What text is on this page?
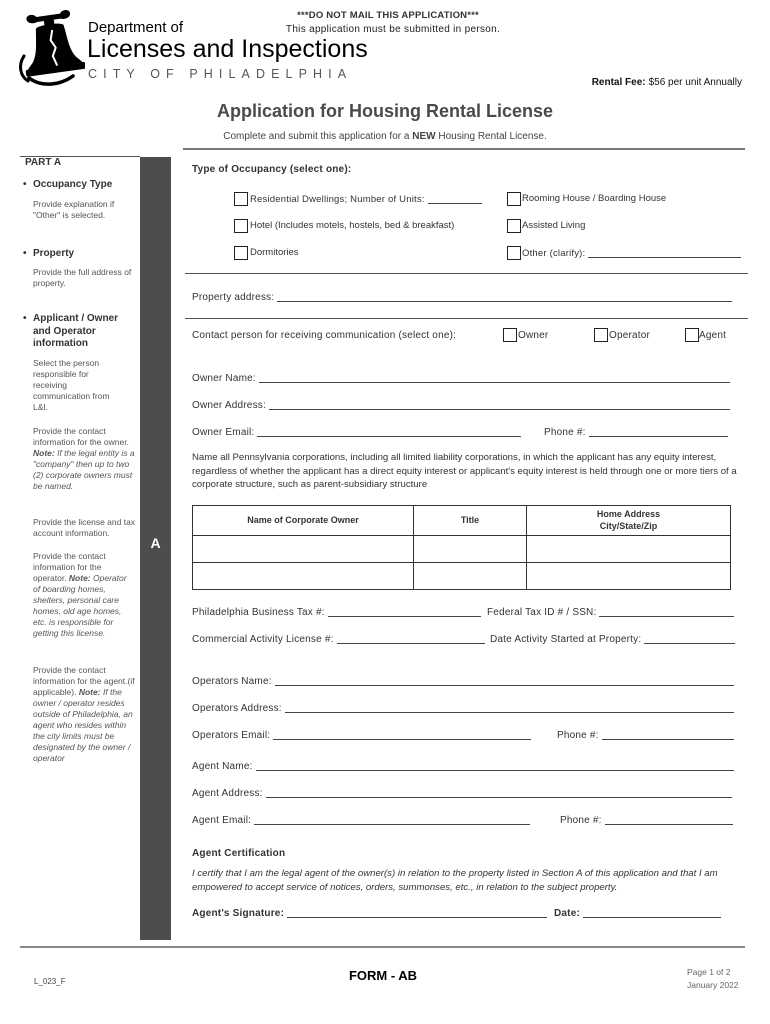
***DO NOT MAIL THIS APPLICATION***
This application must be submitted in person.
Department of
Licenses and Inspections
CITY OF PHILADELPHIA
Rental Fee: $56 per unit Annually
Application for Housing Rental License
Complete and submit this application for a NEW Housing Rental License.
PART A
• Occupancy Type
Provide explanation if "Other" is selected.
• Property
Provide the full address of property.
• Applicant / Owner and Operator information
Select the person responsible for receiving communication from L&I.
Provide the contact information for the owner. Note: If the legal entity is a "company" then up to two (2) corporate owners must be named.
Provide the license and tax account information.
Provide the contact information for the operator. Note: Operator of boarding homes, shelters, personal care homes, old age homes, etc. is responsible for getting this license.
Provide the contact information for the agent.(if applicable). Note: If the owner / operator resides outside of Philadelphia, an agent who resides within the city limits must be designated by the owner / operator
A
Type of Occupancy (select one):
Residential Dwellings; Number of Units:	Rooming House / Boarding House
Hotel (Includes motels, hostels, bed & breakfast)	Assisted Living
Dormitories	Other (clarify):
Property address:
Contact person for receiving communication (select one):	Owner	Operator	Agent
Owner Name:
Owner Address:
Owner Email:	Phone #:
Name all Pennsylvania corporations, including all limited liability corporations, in which the applicant has any equity interest, regardless of whether the applicant has a direct equity interest or applicant's equity interest is held through one or more tiers of a corporate structure, such as parent-subsidiary structure
Name of Corporate Owner	Title	Home Address
City/State/Zip

Philadelphia Business Tax #:	Federal Tax ID # / SSN:
Commercial Activity License #:	Date Activity Started at Property:
Operators Name:
Operators Address:
Operators Email:	Phone #:
Agent Name:
Agent Address:
Agent Email:	Phone #:
Agent Certification
I certify that I am the legal agent of the owner(s) in relation to the property listed in Section A of this application and that I am empowered to accept service of notices, orders, summonses, etc., in relation to the subject property.
Agent's Signature:	Date:
L_023_F	FORM - AB	Page 1 of 2
January 2022
